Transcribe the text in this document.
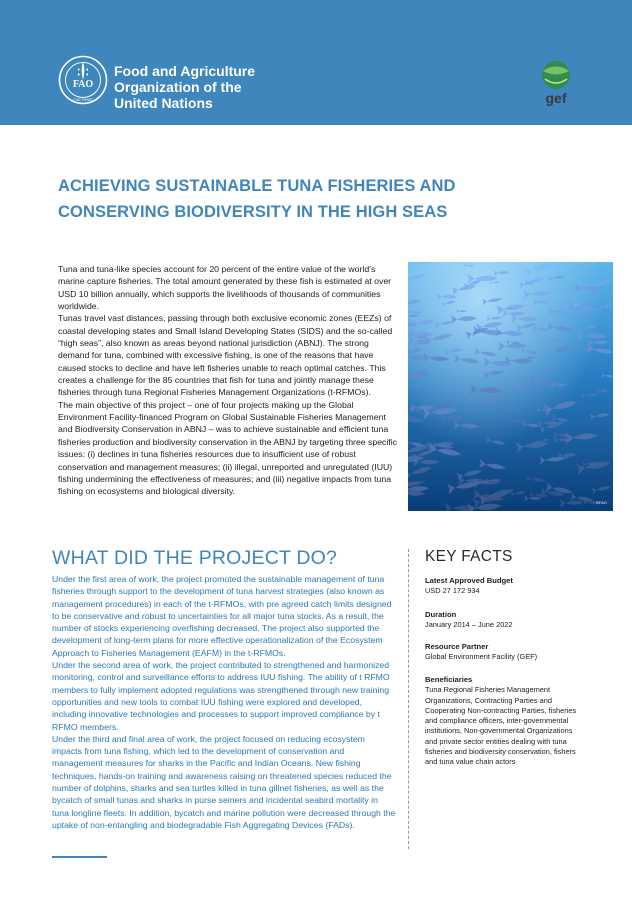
FAO
FIAT PANIS
Food and Agriculture
Organization of the
United Nations	gef
ACHIEVING SUSTAINABLE TUNA FISHERIES AND
CONSERVING BIODIVERSITY IN THE HIGH SEAS

Tuna and tuna-like species account for 20 percent of the entire value of the world’s marine capture fisheries. The total amount generated by these fish is estimated at over USD 10 billion annually, which supports the livelihoods of thousands of communities worldwide.

Tunas travel vast distances, passing through both exclusive economic zones (EEZs) of coastal developing states and Small Island Developing States (SIDS) and the so-called “high seas”, also known as areas beyond national jurisdiction (ABNJ). The strong demand for tuna, combined with excessive fishing, is one of the reasons that have caused stocks to decline and have left fisheries unable to reach optimal catches. This creates a challenge for the 85 countries that fish for tuna and jointly manage these fisheries through tuna Regional Fisheries Management Organizations (t-RFMOs).

The main objective of this project – one of four projects making up the Global Environment Facility-financed Program on Global Sustainable Fisheries Management and Biodiversity Conservation in ABNJ – was to achieve sustainable and efficient tuna fisheries production and biodiversity conservation in the ABNJ by targeting three specific issues: (i) declines in tuna fisheries resources due to insufficient use of robust conservation and management measures; (ii) illegal, unreported and unregulated (IUU) fishing undermining the effectiveness of measures; and (iii) negative impacts from tuna fishing on ecosystems and biological diversity.

©FAO
WHAT DID THE PROJECT DO?

Under the first area of work, the project promoted the sustainable management of tuna fisheries through support to the development of tuna harvest strategies (also known as management procedures) in each of the t-RFMOs, with pre agreed catch limits designed to be conservative and robust to uncertainties for all major tuna stocks. As a result, the number of stocks experiencing overfishing decreased. The project also supported the development of long-term plans for more effective operationalization of the Ecosystem Approach to Fisheries Management (EAFM) in the t-RFMOs.

Under the second area of work, the project contributed to strengthened and harmonized monitoring, control and surveillance efforts to address IUU fishing. The ability of t RFMO members to fully implement adopted regulations was strengthened through new training opportunities and new tools to combat IUU fishing were explored and developed, including innovative technologies and processes to support improved compliance by t RFMO members.

Under the third and final area of work, the project focused on reducing ecosystem impacts from tuna fishing, which led to the development of conservation and management measures for sharks in the Pacific and Indian Oceans. New fishing techniques, hands-on training and awareness raising on threatened species reduced the number of dolphins, sharks and sea turtles killed in tuna gillnet fisheries, as well as the bycatch of small tunas and sharks in purse seiners and incidental seabird mortality in tuna longline fleets. In addition, bycatch and marine pollution were decreased through the uptake of non-entangling and biodegradable Fish Aggregating Devices (FADs).

KEY FACTS
Latest Approved Budget
USD 27 172 934
Duration
January 2014 – June 2022
Resource Partner
Global Environment Facility (GEF)
Beneficiaries
Tuna Regional Fisheries Management Organizations, Contracting Parties and Cooperating Non-contracting Parties, fisheries and compliance officers, inter-governmental institutions, Non-governmental Organizations and private sector entities dealing with tuna fisheries and biodiversity conservation, fishers and tuna value chain actors
